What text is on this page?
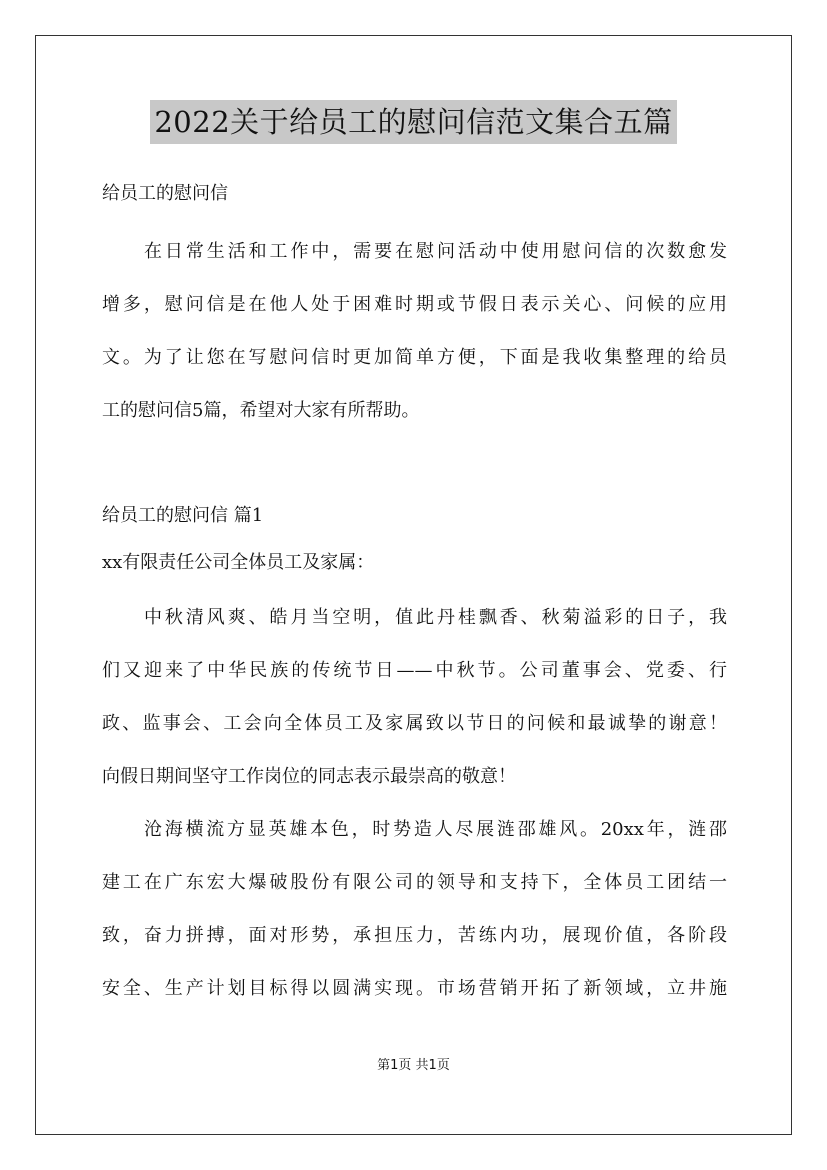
2022关于给员工的慰问信范文集合五篇
给员工的慰问信
在日常生活和工作中，需要在慰问活动中使用慰问信的次数愈发
增多，慰问信是在他人处于困难时期或节假日表示关心、问候的应用
文。为了让您在写慰问信时更加简单方便，下面是我收集整理的给员
工的慰问信5篇，希望对大家有所帮助。
给员工的慰问信 篇1
xx有限责任公司全体员工及家属：
中秋清风爽、皓月当空明，值此丹桂飘香、秋菊溢彩的日子，我
们又迎来了中华民族的传统节日——中秋节。公司董事会、党委、行
政、监事会、工会向全体员工及家属致以节日的问候和最诚挚的谢意！
向假日期间坚守工作岗位的同志表示最崇高的敬意！
沧海横流方显英雄本色，时势造人尽展涟邵雄风。20xx年，涟邵
建工在广东宏大爆破股份有限公司的领导和支持下，全体员工团结一
致，奋力拼搏，面对形势，承担压力，苦练内功，展现价值，各阶段
安全、生产计划目标得以圆满实现。市场营销开拓了新领域，立井施
第1页 共1页
